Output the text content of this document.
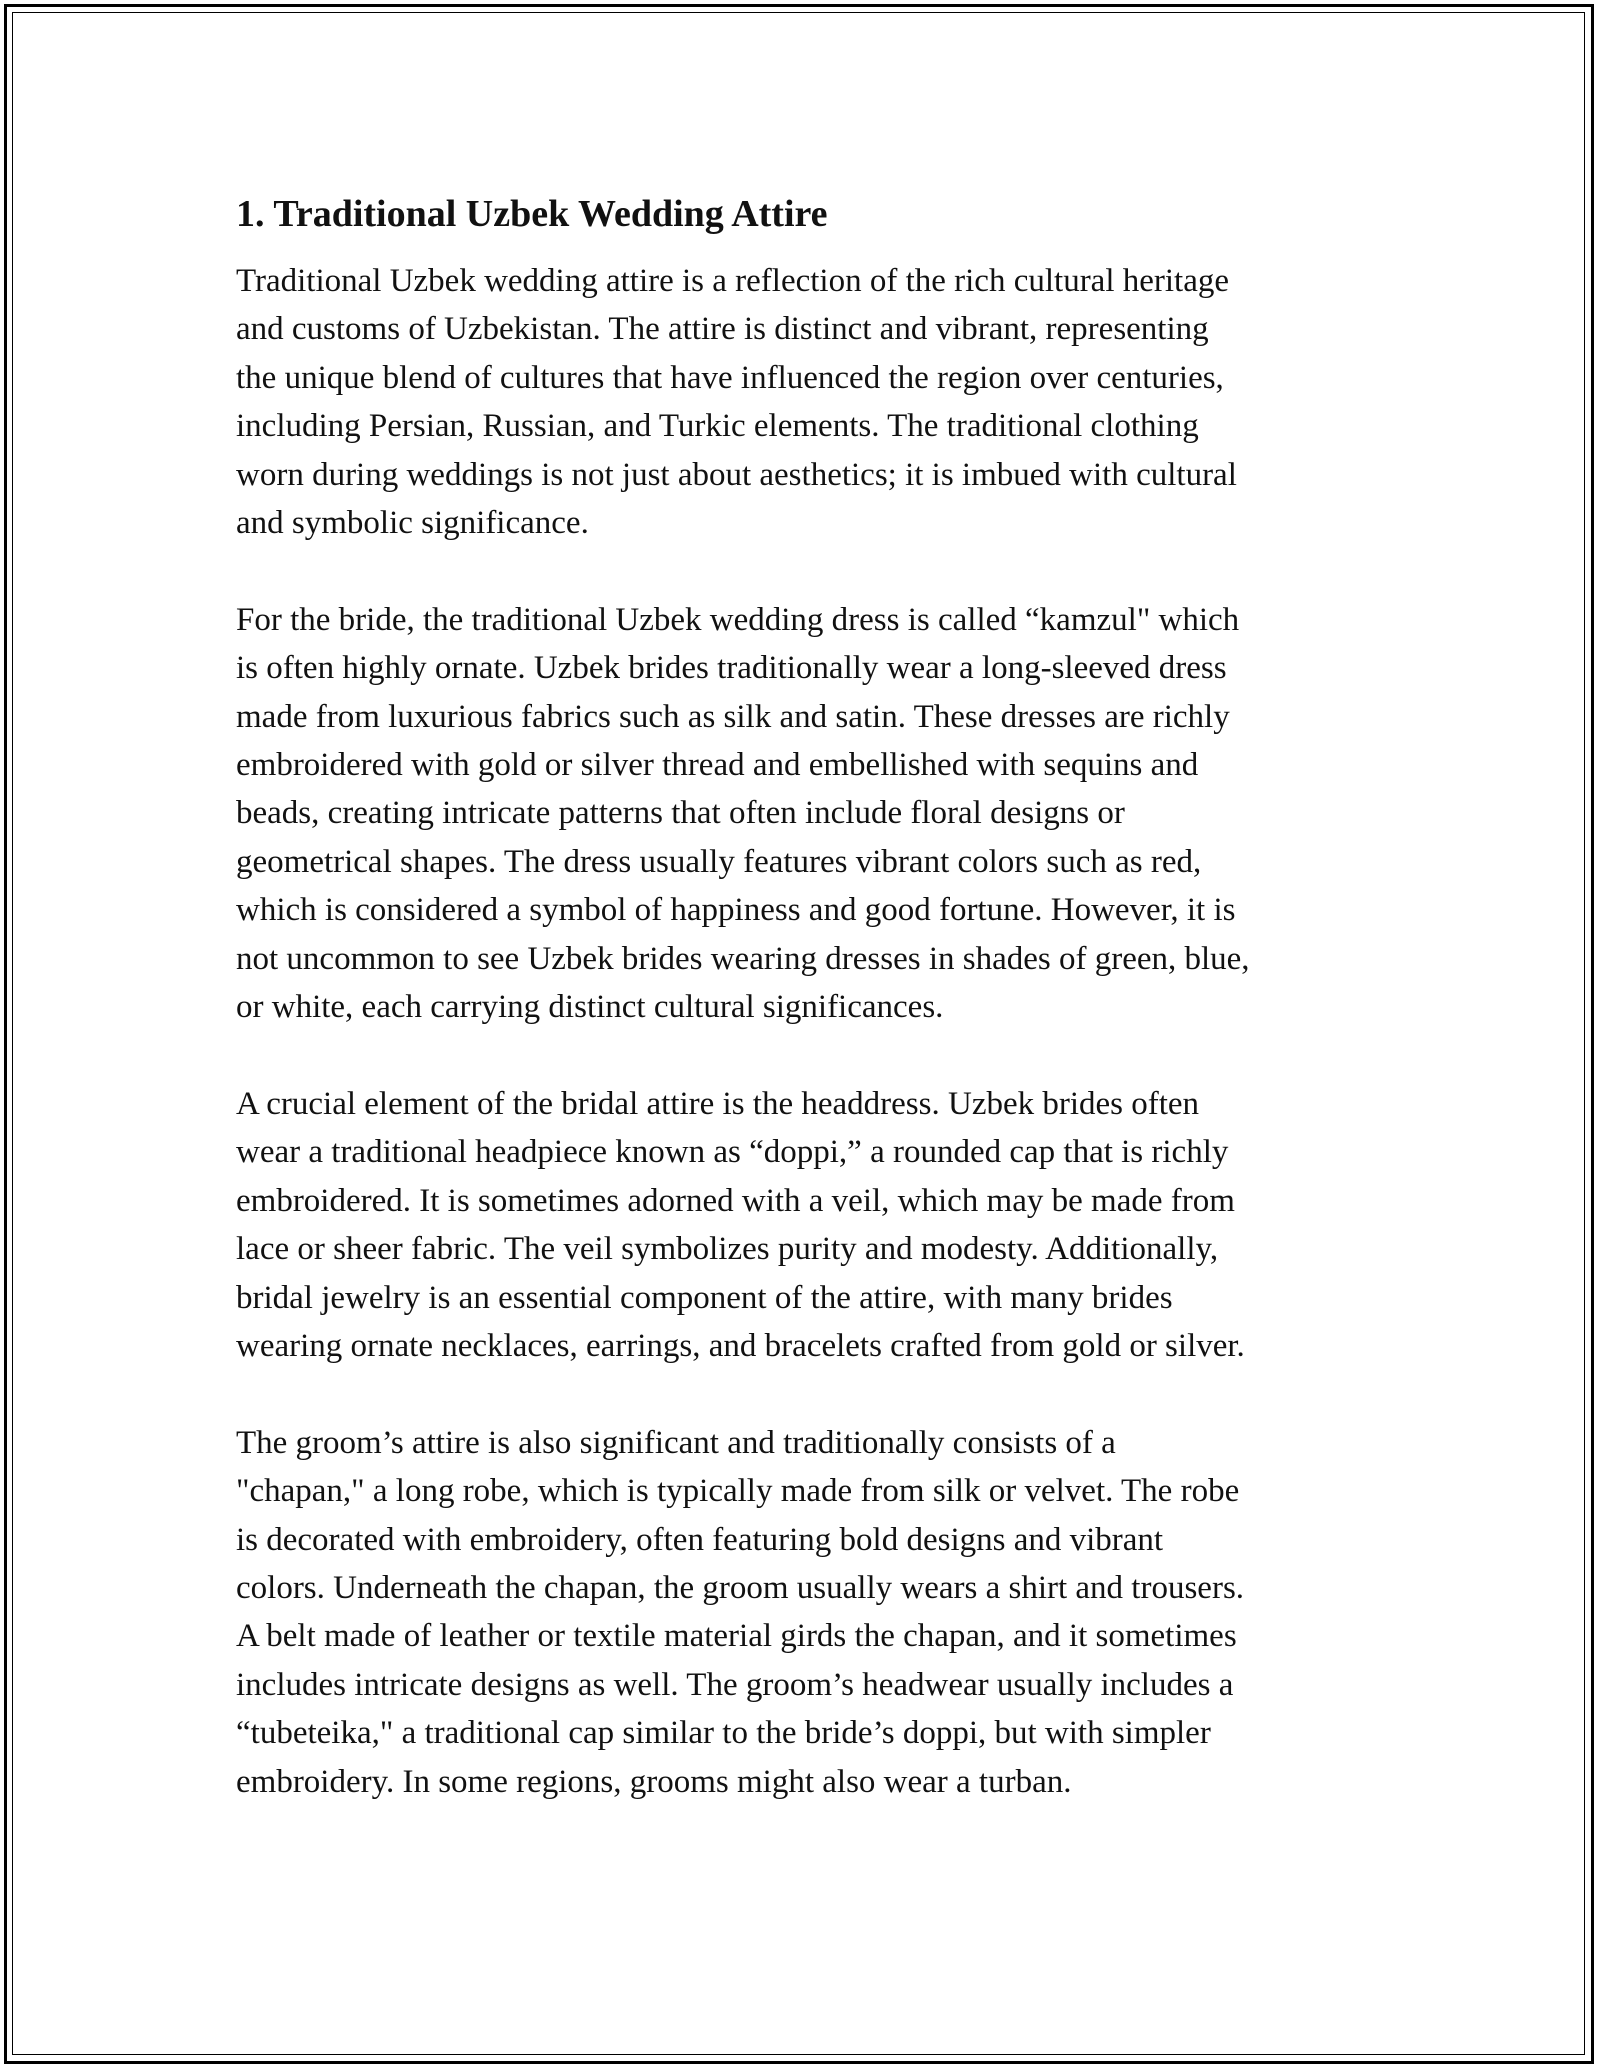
1. Traditional Uzbek Wedding Attire

Traditional Uzbek wedding attire is a reflection of the rich cultural heritage
and customs of Uzbekistan. The attire is distinct and vibrant, representing
the unique blend of cultures that have influenced the region over centuries,
including Persian, Russian, and Turkic elements. The traditional clothing
worn during weddings is not just about aesthetics; it is imbued with cultural
and symbolic significance.

For the bride, the traditional Uzbek wedding dress is called “kamzul" which
is often highly ornate. Uzbek brides traditionally wear a long-sleeved dress
made from luxurious fabrics such as silk and satin. These dresses are richly
embroidered with gold or silver thread and embellished with sequins and
beads, creating intricate patterns that often include floral designs or
geometrical shapes. The dress usually features vibrant colors such as red,
which is considered a symbol of happiness and good fortune. However, it is
not uncommon to see Uzbek brides wearing dresses in shades of green, blue,
or white, each carrying distinct cultural significances.

A crucial element of the bridal attire is the headdress. Uzbek brides often
wear a traditional headpiece known as “doppi,” a rounded cap that is richly
embroidered. It is sometimes adorned with a veil, which may be made from
lace or sheer fabric. The veil symbolizes purity and modesty. Additionally,
bridal jewelry is an essential component of the attire, with many brides
wearing ornate necklaces, earrings, and bracelets crafted from gold or silver.

The groom’s attire is also significant and traditionally consists of a
"chapan," a long robe, which is typically made from silk or velvet. The robe
is decorated with embroidery, often featuring bold designs and vibrant
colors. Underneath the chapan, the groom usually wears a shirt and trousers.
A belt made of leather or textile material girds the chapan, and it sometimes
includes intricate designs as well. The groom’s headwear usually includes a
“tubeteika," a traditional cap similar to the bride’s doppi, but with simpler
embroidery. In some regions, grooms might also wear a turban.
